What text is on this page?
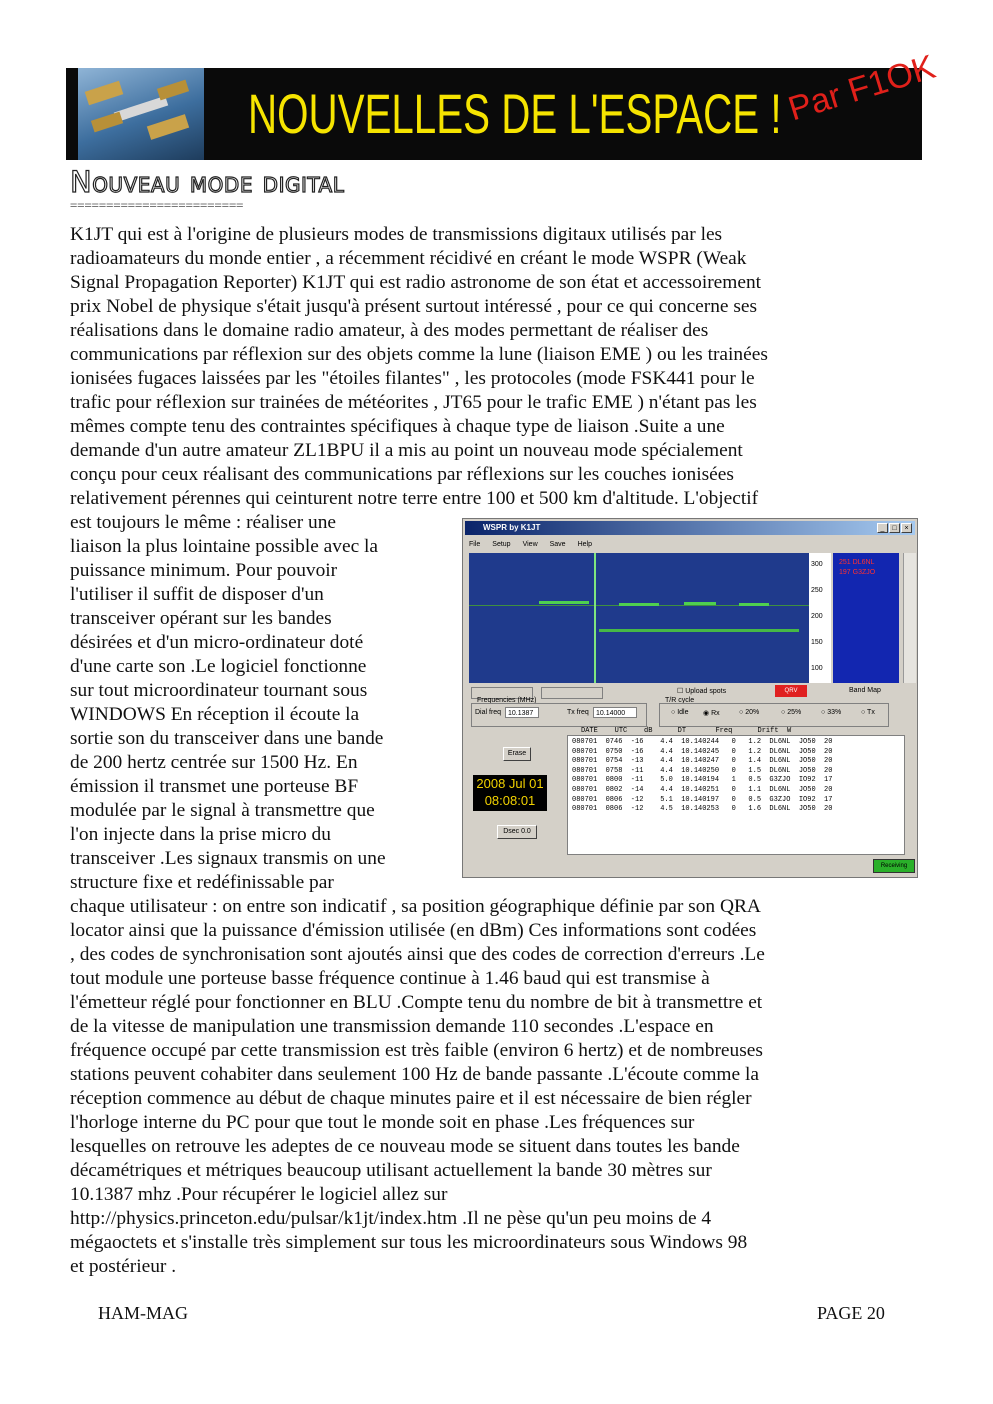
NOUVELLES DE L'ESPACE ! Par F1OK
Nouveau mode digital
========================
K1JT qui est à l'origine de plusieurs modes de transmissions digitaux utilisés par les
radioamateurs du monde entier , a récemment récidivé en créant le mode WSPR (Weak
Signal Propagation Reporter) K1JT qui est radio astronome de son état et accessoirement
prix Nobel de physique s'était jusqu'à présent surtout intéressé , pour ce qui concerne ses
réalisations dans le domaine radio amateur, à des modes permettant de réaliser des
communications par réflexion sur des objets comme la lune (liaison EME ) ou les trainées
ionisées fugaces laissées par les "étoiles filantes" , les protocoles (mode FSK441 pour le
trafic pour réflexion sur trainées de météorites , JT65 pour le trafic EME ) n'étant pas les
mêmes compte tenu des contraintes spécifiques à chaque type de liaison .Suite a une
demande d'un autre amateur ZL1BPU il a mis au point un nouveau mode spécialement
conçu pour ceux réalisant des communications par réflexions sur les couches ionisées
relativement pérennes qui ceinturent notre terre entre 100 et 500 km d'altitude. L'objectif
est toujours le même : réaliser une
liaison la plus lointaine possible avec la
puissance minimum. Pour pouvoir
l'utiliser il suffit de disposer d'un
transceiver opérant sur les bandes
désirées et d'un micro-ordinateur doté
d'une carte son .Le logiciel fonctionne
sur tout microordinateur tournant sous
WINDOWS En réception il écoute la
sortie son du transceiver dans une bande
de 200 hertz centrée sur 1500 Hz. En
émission il transmet une porteuse BF
modulée par le signal à transmettre que
l'on injecte dans la prise micro du
transceiver .Les signaux transmis on une
structure fixe et redéfinissable par
chaque utilisateur : on entre son indicatif , sa position géographique définie par son QRA
locator ainsi que la puissance d'émission utilisée (en dBm) Ces informations sont codées
, des codes de synchronisation sont ajoutés ainsi que des codes de correction d'erreurs .Le
tout module une porteuse basse fréquence continue à 1.46 baud qui est transmise à
l'émetteur réglé pour fonctionner en BLU .Compte tenu du nombre de bit à transmettre et
de la vitesse de manipulation une transmission demande 110 secondes .L'espace en
fréquence occupé par cette transmission est très faible (environ 6 hertz) et de nombreuses
stations peuvent cohabiter dans seulement 100 Hz de bande passante .L'écoute comme la
réception commence au début de chaque minutes paire et il est nécessaire de bien régler
l'horloge interne du PC pour que tout le monde soit en phase .Les fréquences sur
lesquelles on retrouve les adeptes de ce nouveau mode se situent dans toutes les bande
décamétriques et métriques beaucoup utilisant actuellement la bande 30 mètres sur
10.1387 mhz .Pour récupérer le logiciel allez sur
http://physics.princeton.edu/pulsar/k1jt/index.htm .Il ne pèse qu'un peu moins de 4
mégaoctets et s'installe très simplement sur tous les microordinateurs sous Windows 98
et postérieur .
WSPR by K1JT	_	□	×
File Setup View Save Help
300
250
200
150
100
251 DL6NL
197 G3ZJO
☐ Upload spots	QRV	Band Map
Frequencies (MHz)
Dial freq 10.1387	Tx freq	10.14000
T/R cycle
○ Idle ◉ Rx	○ 20%	○ 25%	○ 33%	○ Tx
DATE UTC dB	DT	Freq	Drift W
Erase
080701  0746  -16    4.4  10.140244   0   1.2  DL6NL  JO50  20
080701  0750  -16    4.4  10.140245   0   1.2  DL6NL  JO50  20
080701  0754  -13    4.4  10.140247   0   1.4  DL6NL  JO50  20
080701  0758  -11    4.4  10.140250   0   1.5  DL6NL  JO50  20
080701  0800  -11    5.0  10.140194   1   0.5  G3ZJO  IO92  17
080701  0802  -14    4.4  10.140251   0   1.1  DL6NL  JO50  20
080701  0806  -12    5.1  10.140197   0   0.5  G3ZJO  IO92  17
080701  0806  -12    4.5  10.140253   0   1.6  DL6NL  JO50  20
2008 Jul 01
08:08:01
Dsec 0.0
Receiving
HAM-MAG	PAGE 20
